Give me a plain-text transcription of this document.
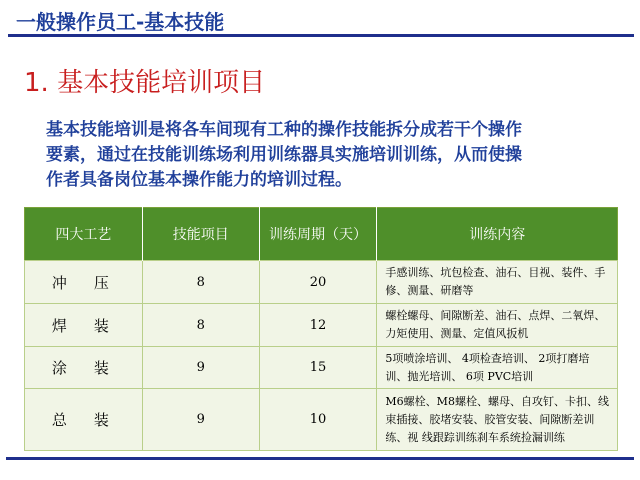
一般操作员工-基本技能
1. 基本技能培训项目
基本技能培训是将各车间现有工种的操作技能拆分成若干个操作
要素，通过在技能训练场利用训练器具实施培训训练，从而使操
作者具备岗位基本操作能力的培训过程。
四大工艺	技能项目	训练周期（天）	训练内容
冲　压	8	20	手感训练、坑包检查、油石、目视、装件、手修、测量、研磨等
焊　装	8	12	螺栓螺母、间隙断差、油石、点焊、二氧焊、力矩使用、测量、定值风扳机
涂　装	9	15	5项喷涂培训、 4项检查培训、 2项打磨培训、抛光培训、 6项 PVC培训
总　装	9	10	M6螺栓、M8螺栓、螺母、自攻钉、卡扣、线束插接、胶堵安装、胶管安装、间隙断差训练、视 线跟踪训练刹车系统捡漏训练
